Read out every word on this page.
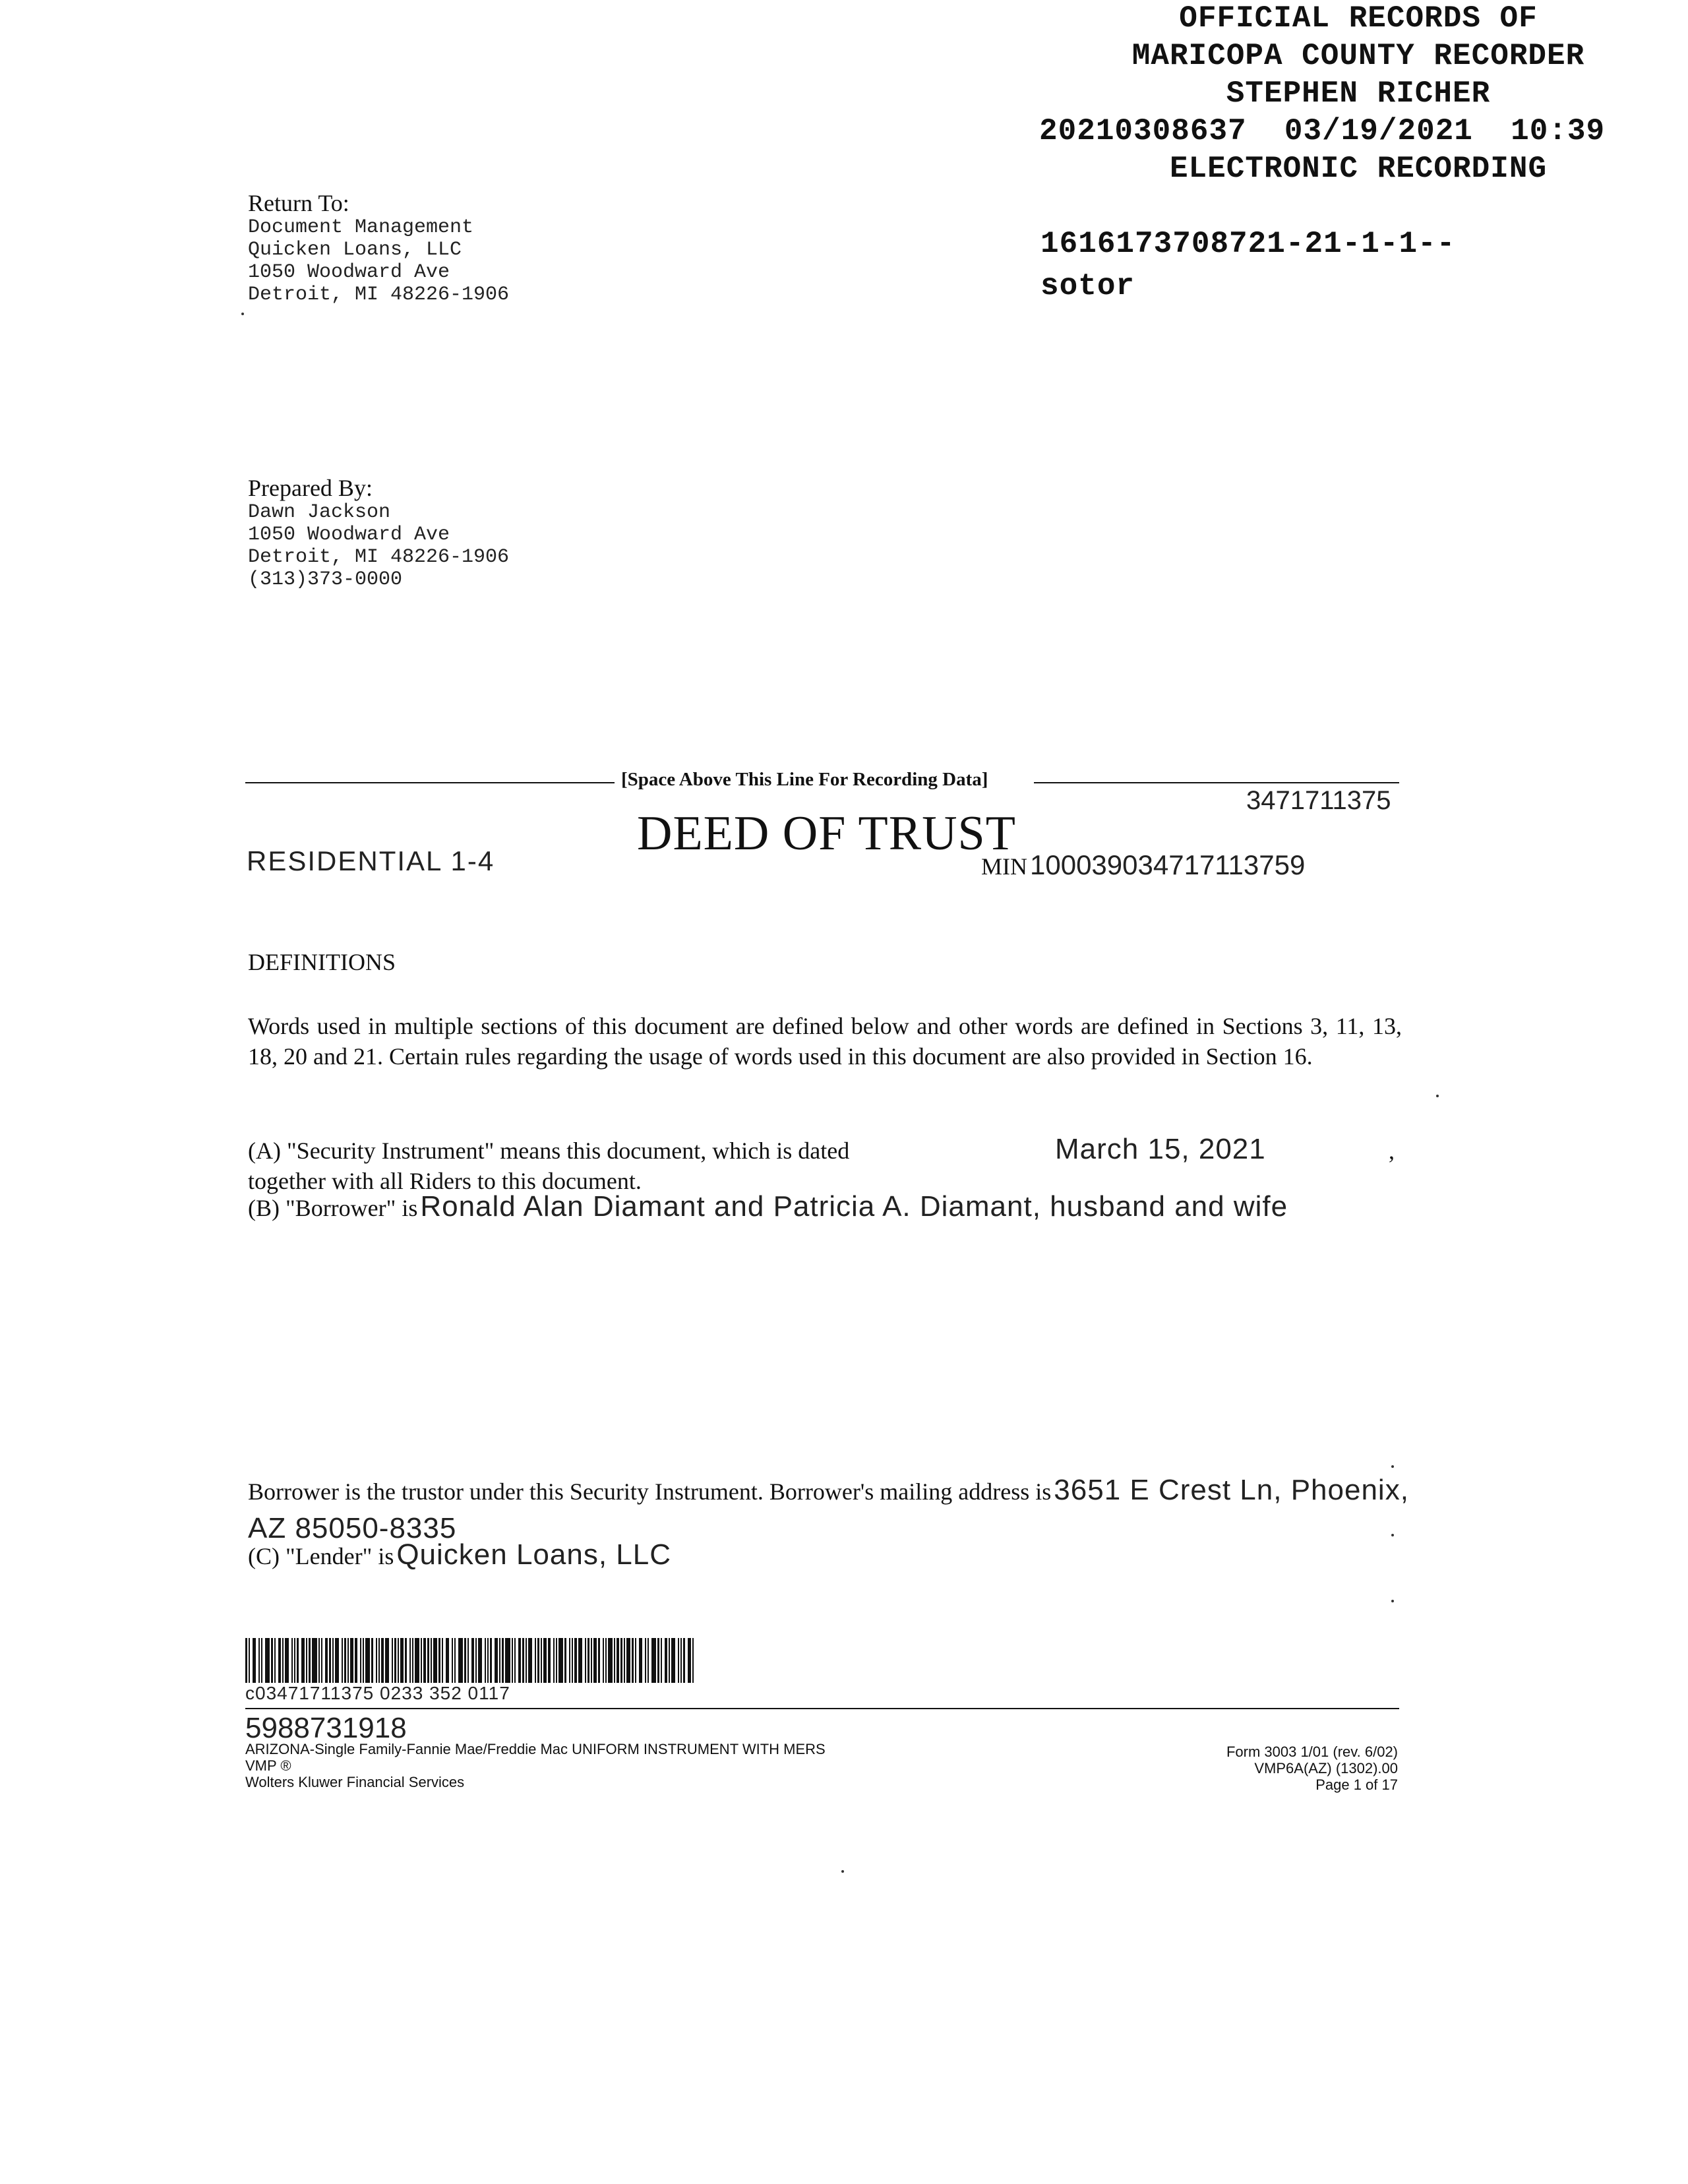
OFFICIAL RECORDS OF
MARICOPA COUNTY RECORDER
STEPHEN RICHER
20210308637  03/19/2021  10:39
ELECTRONIC RECORDING
1616173708721-21-1-1--
sotor
Return To:
Document Management
Quicken Loans, LLC
1050 Woodward Ave
Detroit, MI 48226-1906
Prepared By:
Dawn Jackson
1050 Woodward Ave
Detroit, MI 48226-1906
(313)373-0000
[Space Above This Line For Recording Data]
3471711375
DEED OF TRUST
RESIDENTIAL 1-4	MIN 100039034717113759
DEFINITIONS
Words used in multiple sections of this document are defined below and other words are defined in Sections 3, 11, 13, 18, 20 and 21. Certain rules regarding the usage of words used in this document are also provided in Section 16.
(A) "Security Instrument" means this document, which is dated	March 15, 2021	,
together with all Riders to this document.
(B) "Borrower" is Ronald Alan Diamant and Patricia A. Diamant, husband and wife
Borrower is the trustor under this Security Instrument. Borrower's mailing address is 3651 E Crest Ln, Phoenix, AZ 85050-8335
(C) "Lender" is Quicken Loans, LLC
c03471711375 0233 352 0117
5988731918
ARIZONA-Single Family-Fannie Mae/Freddie Mac UNIFORM INSTRUMENT WITH MERS
VMP ®
Wolters Kluwer Financial Services
Form 3003 1/01 (rev. 6/02)
VMP6A(AZ) (1302).00
Page 1 of 17
